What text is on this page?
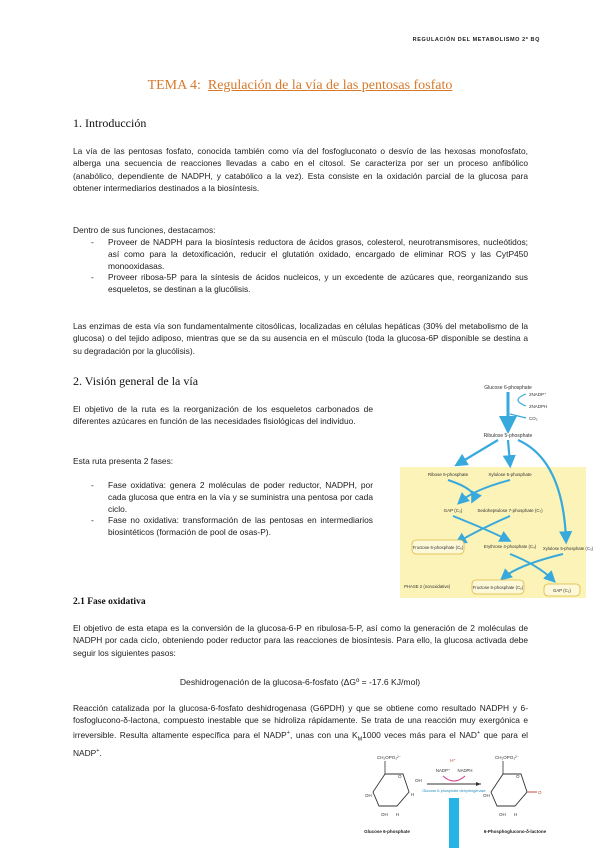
REGULACIÓN DEL METABOLISMO 2º BQ
TEMA 4: Regulación de la vía de las pentosas fosfato
1. Introducción
La vía de las pentosas fosfato, conocida también como vía del fosfogluconato o desvío de las hexosas monofosfato, alberga una secuencia de reacciones llevadas a cabo en el citosol. Se caracteriza por ser un proceso anfibólico (anabólico, dependiente de NADPH, y catabólico a la vez). Esta consiste en la oxidación parcial de la glucosa para obtener intermediarios destinados a la biosíntesis.
Dentro de sus funciones, destacamos:
- Proveer de NADPH para la biosíntesis reductora de ácidos grasos, colesterol, neurotransmisores, nucleótidos; así como para la detoxificación, reducir el glutatión oxidado, encargado de eliminar ROS y las CytP450 monooxidasas.
- Proveer ribosa-5P para la síntesis de ácidos nucleicos, y un excedente de azúcares que, reorganizando sus esqueletos, se destinan a la glucólisis.
Las enzimas de esta vía son fundamentalmente citosólicas, localizadas en células hepáticas (30% del metabolismo de la glucosa) o del tejido adiposo, mientras que se da su ausencia en el músculo (toda la glucosa-6P disponible se destina a su degradación por la glucólisis).
2. Visión general de la vía
El objetivo de la ruta es la reorganización de los esqueletos carbonados de diferentes azúcares en función de las necesidades fisiológicas del individuo.
Esta ruta presenta 2 fases:
- Fase oxidativa: genera 2 moléculas de poder reductor, NADPH, por cada glucosa que entra en la vía y se suministra una pentosa por cada ciclo.
- Fase no oxidativa: transformación de las pentosas en intermediarios biosintéticos (formación de pool de osas-P).
Glucose 6-phosphate
2NADP⁺
2NADPH
CO₂
Ribulose 5-phosphate
Ribose 5-phosphate	Xylulose 5-phosphate
GAP (C₃)	Sedoheptulose 7-phosphate (C₇)
Fructose 6-phosphate (C₆)	Erythrose 4-phosphate (C₄) Xylulose 5-phosphate (C₅)
PHASE 2 (nonoxidative)	Fructose 6-phosphate (C₆)
GAP (C₃)
2.1 Fase oxidativa
El objetivo de esta etapa es la conversión de la glucosa-6-P en ribulosa-5-P, así como la generación de 2 moléculas de NADPH por cada ciclo, obteniendo poder reductor para las reacciones de biosíntesis. Para ello, la glucosa activada debe seguir los siguientes pasos:
Deshidrogenación de la glucosa-6-fosfato (ΔGº = -17.6 KJ/mol)
Reacción catalizada por la glucosa-6-fosfato deshidrogenasa (G6PDH) y que se obtiene como resultado NADPH y 6-fosfoglucono-δ-lactona, compuesto inestable que se hidroliza rápidamente. Se trata de una reacción muy exergónica e irreversible. Resulta altamente específica para el NADP+, unas con una $K_M1000$ veces más para el NAD+ que para el NADP+.	CH₂OPO₃²⁻
O
OH
OH
H
H
OH
Glucose 6-phosphate
H⁺
NADP⁺ NADPH
Glucose 6-phosphate dehydrogenase
CH₂OPO₃²⁻
O
O
OH
OH H
6-Phosphoglucono-δ-lactone
